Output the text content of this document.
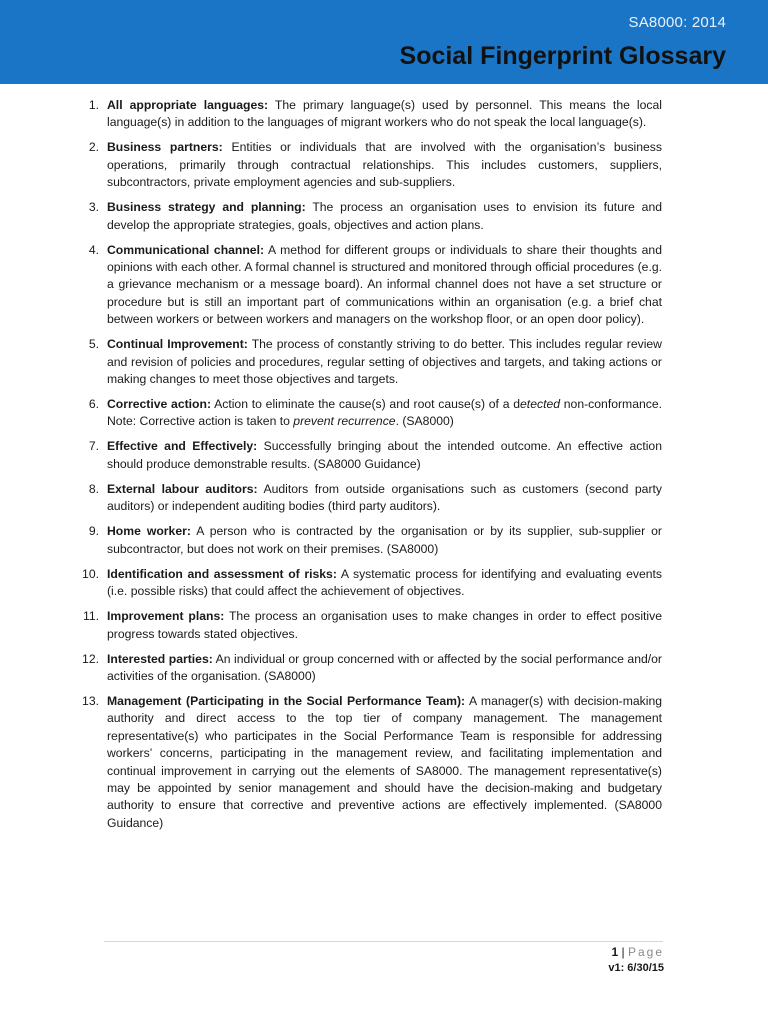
SA8000: 2014
Social Fingerprint Glossary
1. All appropriate languages: The primary language(s) used by personnel. This means the local language(s) in addition to the languages of migrant workers who do not speak the local language(s).
2. Business partners: Entities or individuals that are involved with the organisation’s business operations, primarily through contractual relationships. This includes customers, suppliers, subcontractors, private employment agencies and sub-suppliers.
3. Business strategy and planning: The process an organisation uses to envision its future and develop the appropriate strategies, goals, objectives and action plans.
4. Communicational channel: A method for different groups or individuals to share their thoughts and opinions with each other. A formal channel is structured and monitored through official procedures (e.g. a grievance mechanism or a message board). An informal channel does not have a set structure or procedure but is still an important part of communications within an organisation (e.g. a brief chat between workers or between workers and managers on the workshop floor, or an open door policy).
5. Continual Improvement: The process of constantly striving to do better. This includes regular review and revision of policies and procedures, regular setting of objectives and targets, and taking actions or making changes to meet those objectives and targets.
6. Corrective action: Action to eliminate the cause(s) and root cause(s) of a detected non-conformance. Note: Corrective action is taken to prevent recurrence. (SA8000)
7. Effective and Effectively: Successfully bringing about the intended outcome. An effective action should produce demonstrable results. (SA8000 Guidance)
8. External labour auditors: Auditors from outside organisations such as customers (second party auditors) or independent auditing bodies (third party auditors).
9. Home worker: A person who is contracted by the organisation or by its supplier, sub-supplier or subcontractor, but does not work on their premises. (SA8000)
10. Identification and assessment of risks: A systematic process for identifying and evaluating events (i.e. possible risks) that could affect the achievement of objectives.
11. Improvement plans: The process an organisation uses to make changes in order to effect positive progress towards stated objectives.
12. Interested parties: An individual or group concerned with or affected by the social performance and/or activities of the organisation. (SA8000)
13. Management (Participating in the Social Performance Team): A manager(s) with decision-making authority and direct access to the top tier of company management. The management representative(s) who participates in the Social Performance Team is responsible for addressing workers’ concerns, participating in the management review, and facilitating implementation and continual improvement in carrying out the elements of SA8000. The management representative(s) may be appointed by senior management and should have the decision-making and budgetary authority to ensure that corrective and preventive actions are effectively implemented. (SA8000 Guidance)
1 | Page
v1: 6/30/15
